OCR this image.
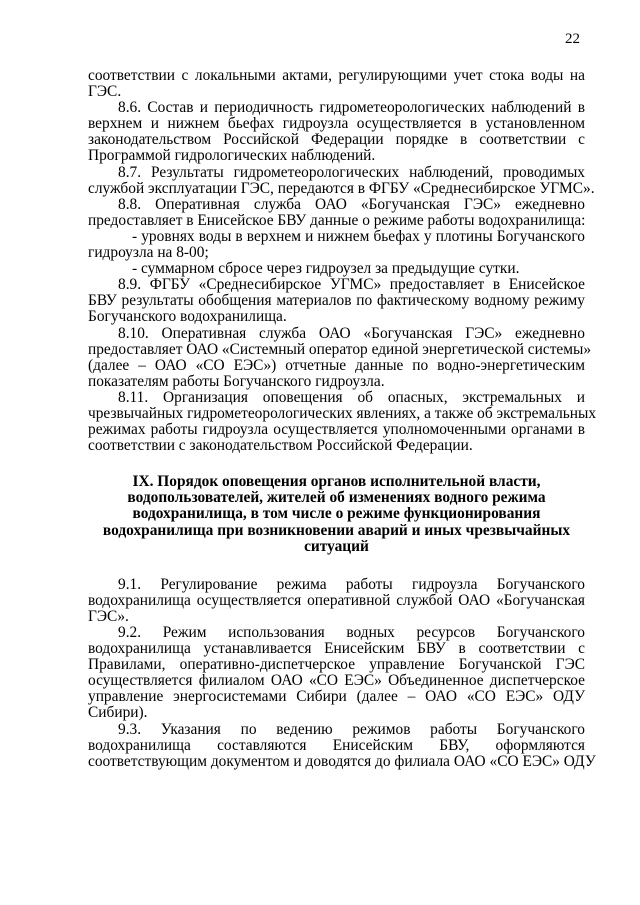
22
соответствии с локальными актами, регулирующими учет стока воды на
ГЭС.
8.6. Состав и периодичность гидрометеорологических наблюдений в
верхнем и нижнем бьефах гидроузла осуществляется в установленном
законодательством Российской Федерации порядке в соответствии с
Программой гидрологических наблюдений.
8.7. Результаты гидрометеорологических наблюдений, проводимых
службой эксплуатации ГЭС, передаются в ФГБУ «Среднесибирское УГМС».
8.8. Оперативная служба ОАО «Богучанская ГЭС» ежедневно
предоставляет в Енисейское БВУ данные о режиме работы водохранилища:
- уровнях воды в верхнем и нижнем бьефах у плотины Богучанского
гидроузла на 8-00;
- суммарном сбросе через гидроузел за предыдущие сутки.
8.9. ФГБУ «Среднесибирское УГМС» предоставляет в Енисейское
БВУ результаты обобщения материалов по фактическому водному режиму
Богучанского водохранилища.
8.10. Оперативная служба ОАО «Богучанская ГЭС» ежедневно
предоставляет ОАО «Системный оператор единой энергетической системы»
(далее – ОАО «СО ЕЭС») отчетные данные по водно-энергетическим
показателям работы Богучанского гидроузла.
8.11. Организация оповещения об опасных, экстремальных и
чрезвычайных гидрометеорологических явлениях, а также об экстремальных
режимах работы гидроузла осуществляется уполномоченными органами в
соответствии с законодательством Российской Федерации.
IX. Порядок оповещения органов исполнительной власти,
водопользователей, жителей об изменениях водного режима
водохранилища, в том числе о режиме функционирования
водохранилища при возникновении аварий и иных чрезвычайных
ситуаций
9.1. Регулирование режима работы гидроузла Богучанского
водохранилища осуществляется оперативной службой ОАО «Богучанская
ГЭС».
9.2. Режим использования водных ресурсов Богучанского
водохранилища устанавливается Енисейским БВУ в соответствии с
Правилами, оперативно-диспетчерское управление Богучанской ГЭС
осуществляется филиалом ОАО «СО ЕЭС» Объединенное диспетчерское
управление энергосистемами Сибири (далее – ОАО «СО ЕЭС» ОДУ
Сибири).
9.3. Указания по ведению режимов работы Богучанского
водохранилища составляются Енисейским БВУ, оформляются
соответствующим документом и доводятся до филиала ОАО «СО ЕЭС» ОДУ
